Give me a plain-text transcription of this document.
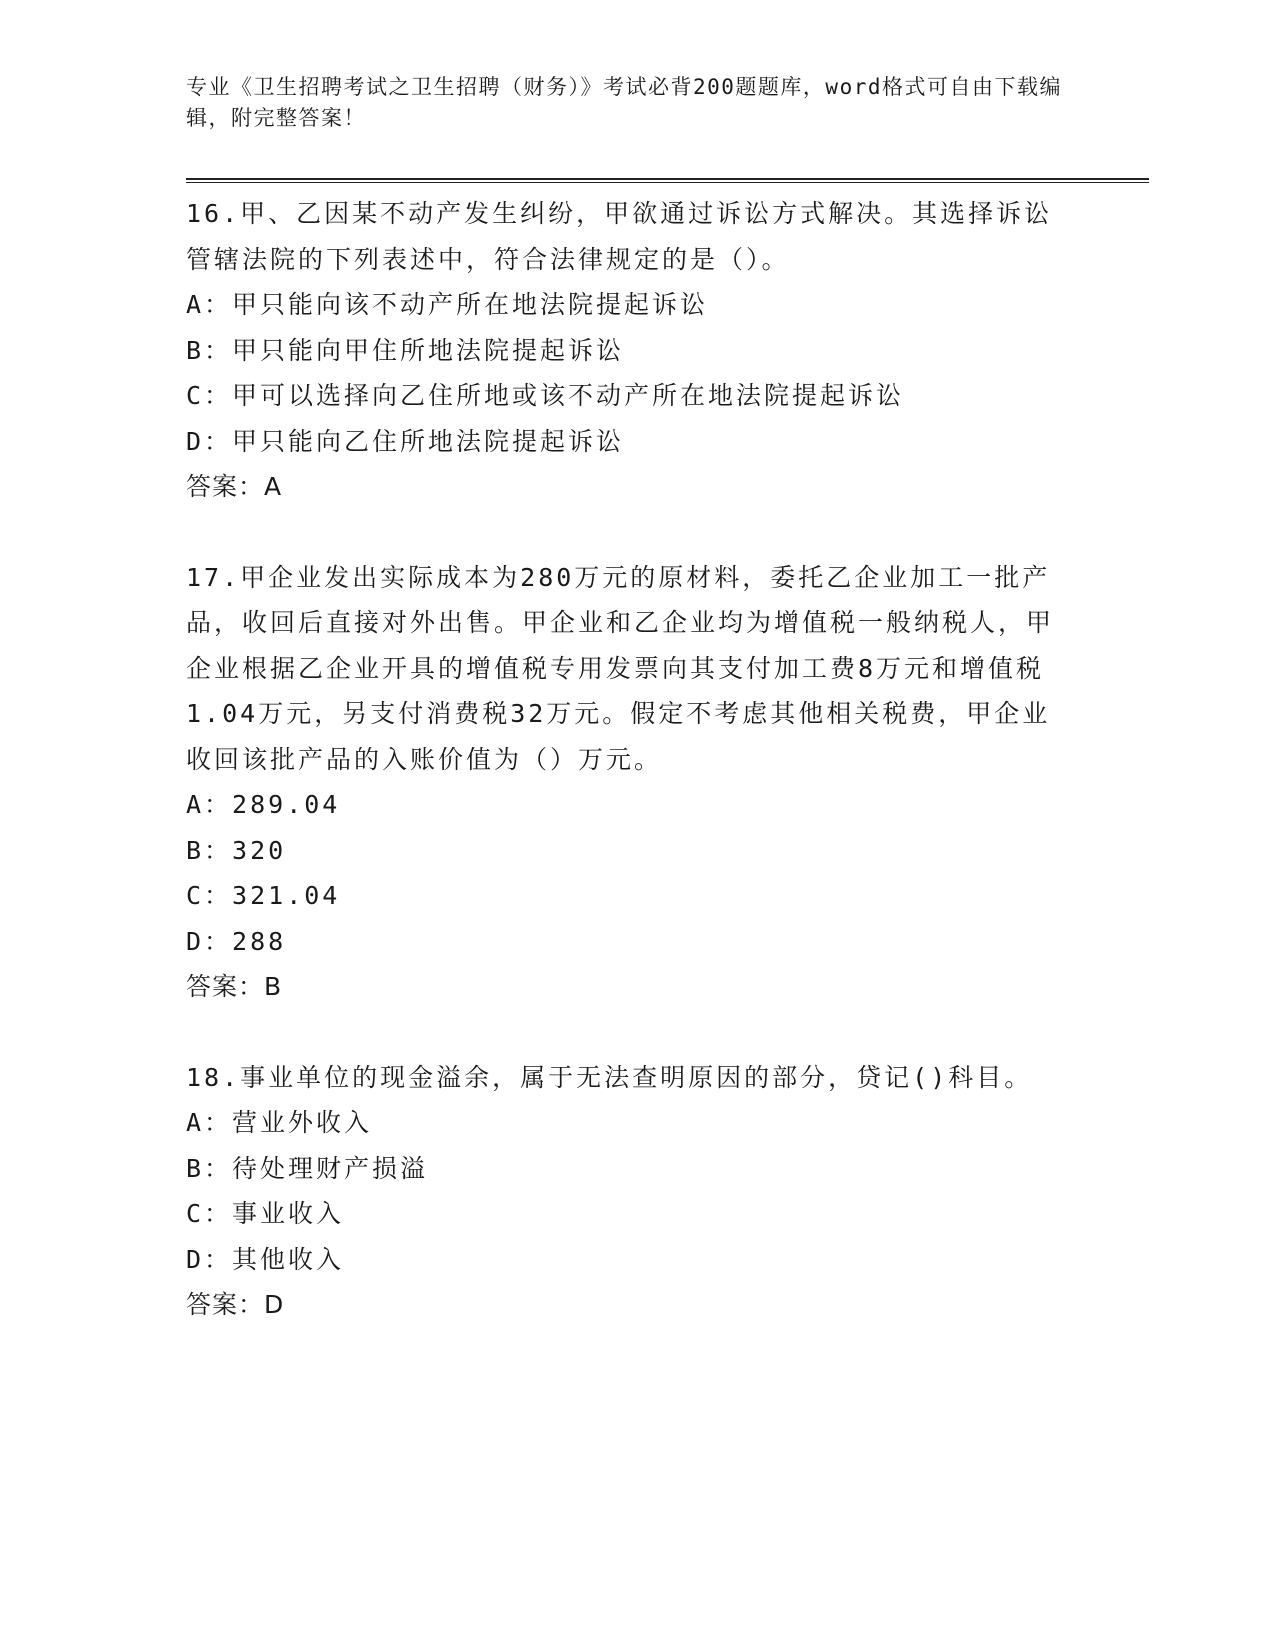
专业《卫生招聘考试之卫生招聘（财务）》考试必背200题题库，word格式可自由下载编辑，附完整答案！

16.甲、乙因某不动产发生纠纷，甲欲通过诉讼方式解决。其选择诉讼管辖法院的下列表述中，符合法律规定的是（）。

A：甲只能向该不动产所在地法院提起诉讼

B：甲只能向甲住所地法院提起诉讼

C：甲可以选择向乙住所地或该不动产所在地法院提起诉讼

D：甲只能向乙住所地法院提起诉讼

答案：A

17.甲企业发出实际成本为280万元的原材料，委托乙企业加工一批产品，收回后直接对外出售。甲企业和乙企业均为增值税一般纳税人，甲企业根据乙企业开具的增值税专用发票向其支付加工费8万元和增值税1.04万元，另支付消费税32万元。假定不考虑其他相关税费，甲企业收回该批产品的入账价值为（）万元。

A：289.04

B：320

C：321.04

D：288

答案：B

18.事业单位的现金溢余，属于无法查明原因的部分，贷记()科目。

A：营业外收入

B：待处理财产损溢

C：事业收入

D：其他收入

答案：D
